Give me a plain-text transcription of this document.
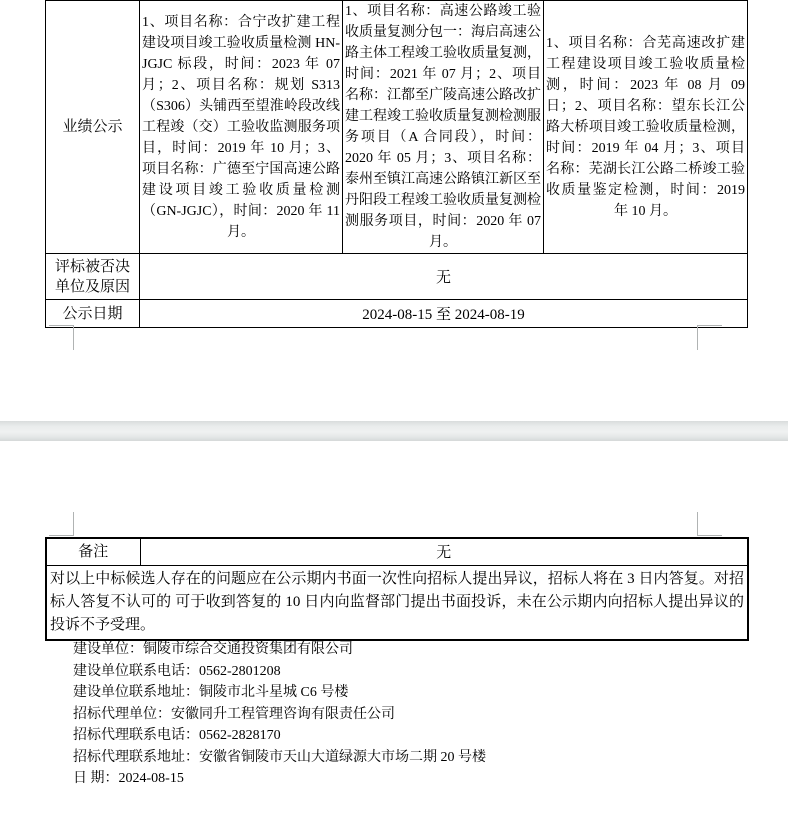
业绩公示	1、项目名称：合宁改扩建工程建设项目竣工验收质量检测 HN-JGJC 标段，时间：2023 年 07 月；2、项目名称：规划 S313（S306）头铺西至望淮岭段改线工程竣（交）工验收监测服务项目，时间：2019 年 10 月；3、项目名称：广德至宁国高速公路建设项目竣工验收质量检测（GN-JGJC），时间：2020 年 11 月。	1、项目名称：高速公路竣工验收质量复测分包一：海启高速公路主体工程竣工验收质量复测，时间：2021 年 07 月；2、项目名称：江都至广陵高速公路改扩建工程竣工验收质量复测检测服务项目（A 合同段），时间：2020 年 05 月；3、项目名称：泰州至镇江高速公路镇江新区至丹阳段工程竣工验收质量复测检测服务项目，时间：2020 年 07 月。	1、项目名称：合芜高速改扩建工程建设项目竣工验收质量检测，时间：2023 年 08 月 09 日；2、项目名称：望东长江公路大桥项目竣工验收质量检测，时间：2019 年 04 月；3、项目名称：芜湖长江公路二桥竣工验收质量鉴定检测，时间：2019 年 10 月。
评标被否决单位及原因	无		
公示日期	2024-08-15 至 2024-08-19		
备注	无
对以上中标候选人存在的问题应在公示期内书面一次性向招标人提出异议，招标人将在 3 日内答复。对招标人答复不认可的 可于收到答复的 10 日内向监督部门提出书面投诉，未在公示期内向招标人提出异议的投诉不予受理。
建设单位：铜陵市综合交通投资集团有限公司
建设单位联系电话：0562-2801208
建设单位联系地址：铜陵市北斗星城 C6 号楼
招标代理单位：安徽同升工程管理咨询有限责任公司
招标代理联系电话：0562-2828170
招标代理联系地址：安徽省铜陵市天山大道绿源大市场二期 20 号楼
日 期：2024-08-15
